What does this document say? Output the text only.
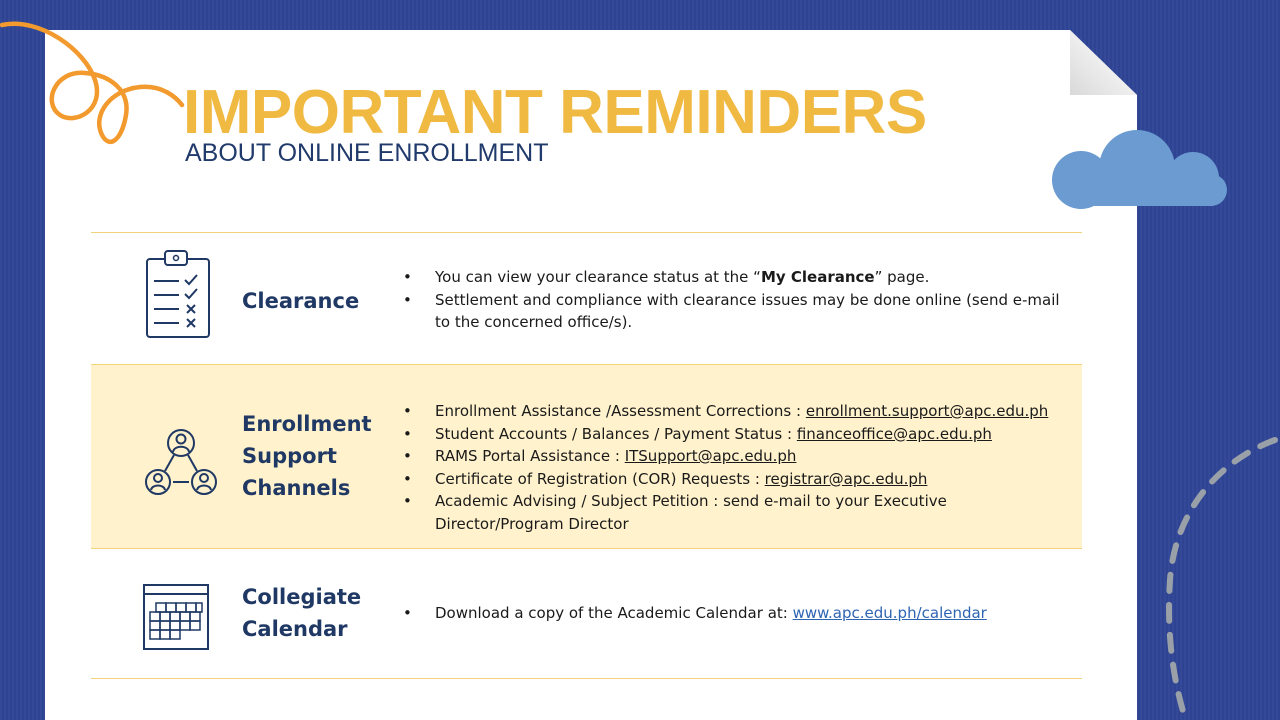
IMPORTANT REMINDERS
ABOUT ONLINE ENROLLMENT
Clearance
• You can view your clearance status at the “My Clearance” page.
• Settlement and compliance with clearance issues may be done online (send e-mail to the concerned office/s).
Enrollment
Support
Channels
• Enrollment Assistance /Assessment Corrections : enrollment.support@apc.edu.ph
• Student Accounts / Balances / Payment Status : financeoffice@apc.edu.ph
• RAMS Portal Assistance : ITSupport@apc.edu.ph
• Certificate of Registration (COR) Requests : registrar@apc.edu.ph
• Academic Advising / Subject Petition : send e-mail to your Executive Director/Program Director
Collegiate
Calendar
• Download a copy of the Academic Calendar at: www.apc.edu.ph/calendar
